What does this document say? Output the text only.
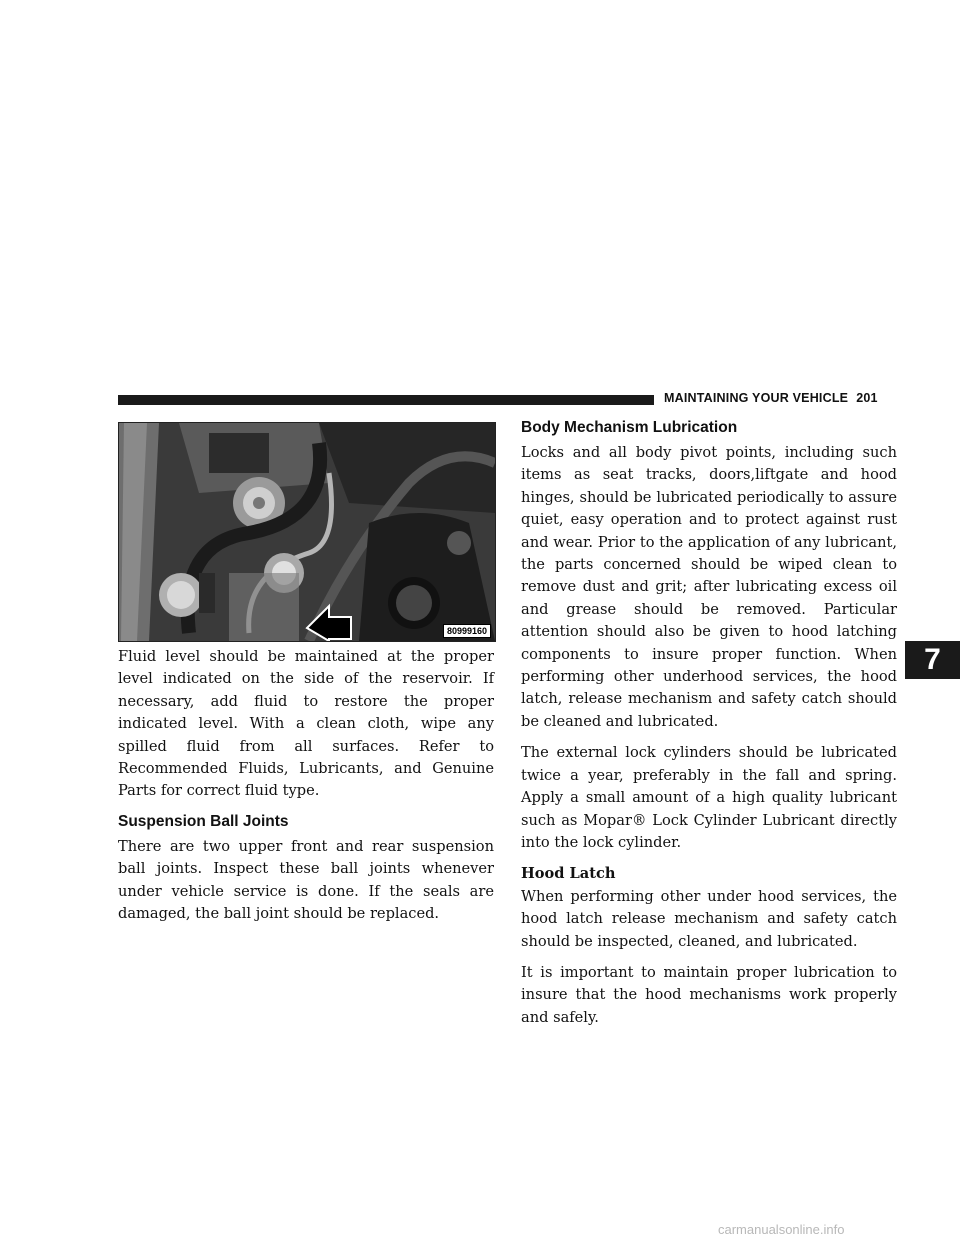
MAINTAINING YOUR VEHICLE 201
80999160

Fluid level should be maintained at the proper level indicated on the side of the reservoir. If necessary, add fluid to restore the proper indicated level. With a clean cloth, wipe any spilled fluid from all surfaces. Refer to Recommended Fluids, Lubricants, and Genuine Parts for correct fluid type.

Suspension Ball Joints

There are two upper front and rear suspension ball joints. Inspect these ball joints whenever under vehicle service is done. If the seals are damaged, the ball joint should be replaced.

Body Mechanism Lubrication

Locks and all body pivot points, including such items as seat tracks, doors,liftgate and hood hinges, should be lubricated periodically to assure quiet, easy operation and to protect against rust and wear. Prior to the application of any lubricant, the parts concerned should be wiped clean to remove dust and grit; after lubricating excess oil and grease should be removed. Particular attention should also be given to hood latching components to insure proper function. When performing other underhood services, the hood latch, release mechanism and safety catch should be cleaned and lubricated.

The external lock cylinders should be lubricated twice a year, preferably in the fall and spring. Apply a small amount of a high quality lubricant such as Mopar® Lock Cylinder Lubricant directly into the lock cylinder.

Hood Latch

When performing other under hood services, the hood latch release mechanism and safety catch should be inspected, cleaned, and lubricated.

It is important to maintain proper lubrication to insure that the hood mechanisms work properly and safely.

7
carmanualsonline.info
